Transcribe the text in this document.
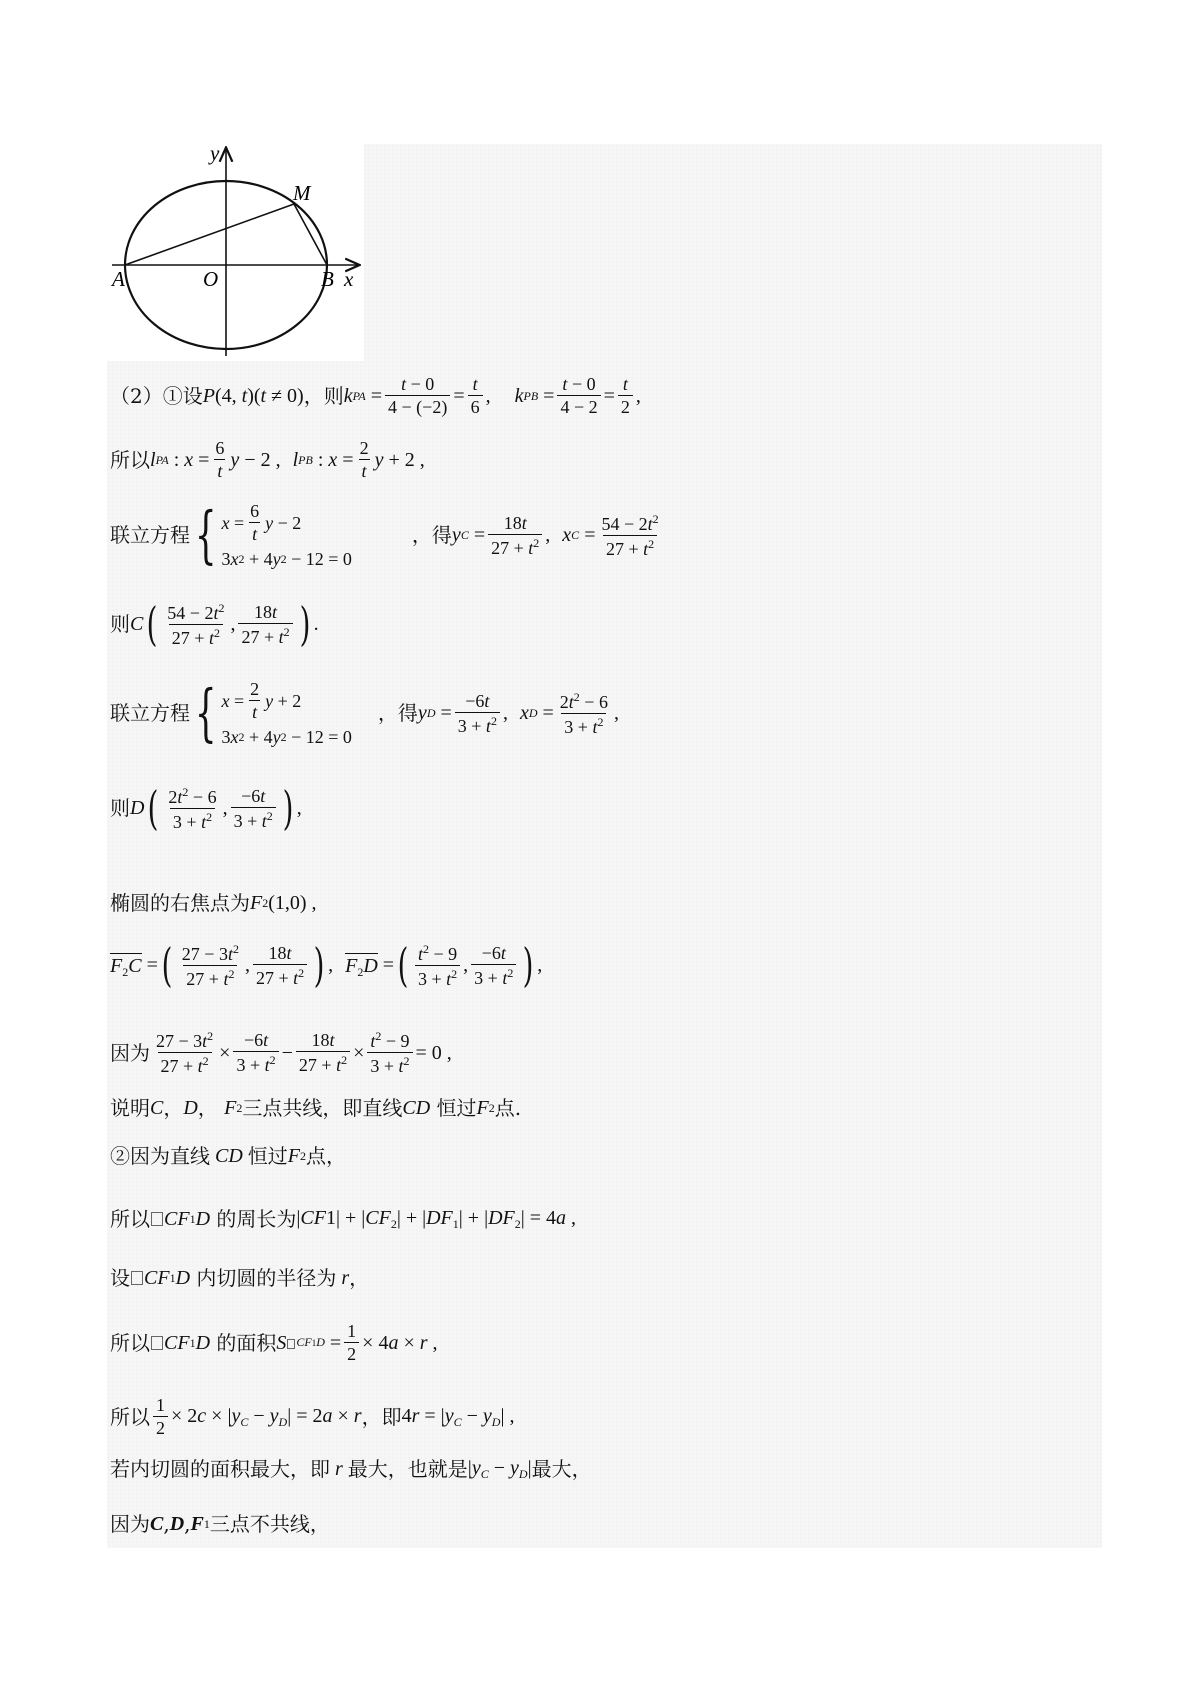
y
x
M
A	O	B
（2）①设 P (4, t )( t ≠ 0) ，则 k PA = $\frac{t - 0}{4 - (-2)} = \frac{t}{6}$ , k PB = $\frac{t - 0}{4 - 2} = \frac{t}{2}$ ,
所以 l PA : $x = \frac{6}{t}$ y − 2 , l PB : $x = \frac{2}{t}$ y + 2 ,
联立方程 { $x = \frac{6}{t}$ y − 2
3 x 2 + 4 y 2 − 12 = 0
，得 y $C = \frac{18t}{27 + t^2}$ , x $C = \frac{54 - 2t^2}{27 + t^2}$
则 C ( $\frac{54 - 2t^2}{27 + t^2}$ , $\frac{18t}{27 + t^2}$ ) .
联立方程 { $x = \frac{2}{t}$ y + 2
3 x 2 + 4 y 2 − 12 = 0
，得 y $D = \frac{-6t}{3 + t^2}$ , x $D = \frac{2t^2 - 6}{3 + t^2}$ ,
则 D ( $\frac{2t^2 - 6}{3 + t^2}$ , $\frac{-6t}{3 + t^2}$ ) ,
椭圆的右焦点为 F 2 (1,0) ,
$F_2C$ = ( $\frac{27 - 3t^2}{27 + t^2}$ , $\frac{18t}{27 + t^2}$ ) , $F_2D$ = ( $\frac{t^2 - 9}{3 + t^2}$ , $\frac{-6t}{3 + t^2}$ ) ,
因为 $\frac{27 - 3t^2}{27 + t^2} \times \frac{-6t}{3 + t^2} - \frac{18t}{27 + t^2} \times \frac{t^2 - 9}{3 + t^2} = 0$ ,
说明 C ， D ， F 2 三点共线，即直线 CD
恒过 F 2 点.
②因为直线 CD 恒过 F 2 点，
所以 CF 1 D
的周长为 $|CF1| + |CF_2| + |DF_1| + |DF_2| = 4a$ ,
设 CF 1 D
内切圆的半径为 r ，
所以 CF 1 D
的面积 S $CF1D = \frac{1}{2} \times 4a \times r$ ,
所以 $\frac{1}{2} \times 2c \times |y_C - y_D| = 2a \times r$ ，即 $4r = |y_C - y_D|$ ,
若内切圆的面积最大，即 r 最大，也就是 $|y_C - y_D|$ 最大，
因为 C , D , F 1 三点不共线，
